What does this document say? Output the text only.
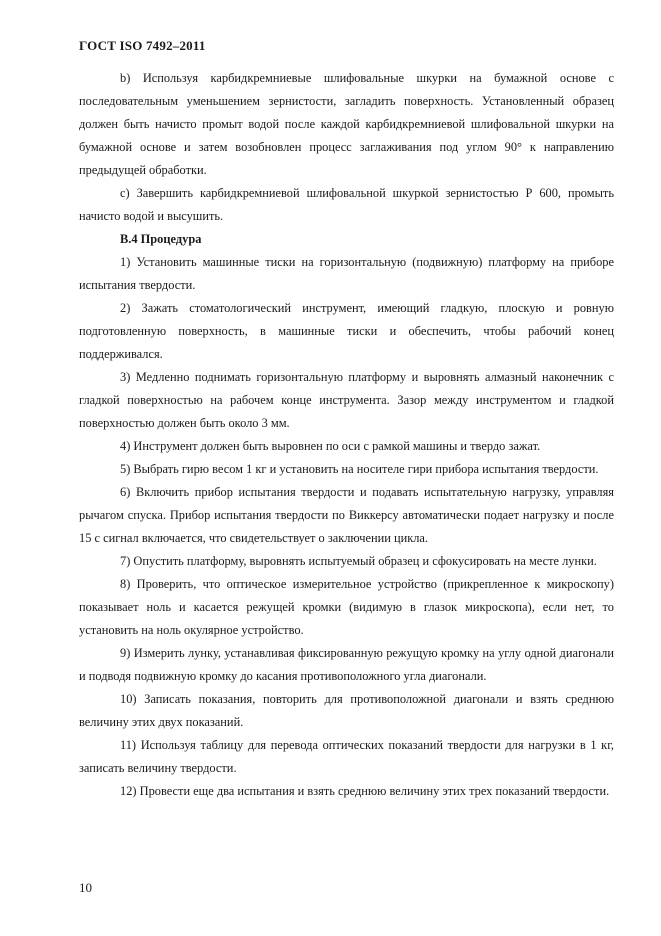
ГОСТ ISO 7492–2011

b) Используя карбидкремниевые шлифовальные шкурки на бумажной основе с последовательным уменьшением зернистости, загладить поверхность. Установленный образец должен быть начисто промыт водой после каждой карбидкремниевой шлифовальной шкурки на бумажной основе и затем возобновлен процесс заглаживания под углом 90° к направлению предыдущей обработки.

c) Завершить карбидкремниевой шлифовальной шкуркой зернистостью Р 600, промыть начисто водой и высушить.

В.4 Процедура

1) Установить машинные тиски на горизонтальную (подвижную) платформу на приборе испытания твердости.

2) Зажать стоматологический инструмент, имеющий гладкую, плоскую и ровную подготовленную поверхность, в машинные тиски и обеспечить, чтобы рабочий конец поддерживался.

3) Медленно поднимать горизонтальную платформу и выровнять алмазный наконечник с гладкой поверхностью на рабочем конце инструмента. Зазор между инструментом и гладкой поверхностью должен быть около 3 мм.

4) Инструмент должен быть выровнен по оси с рамкой машины и твердо зажат.

5) Выбрать гирю весом 1 кг и установить на носителе гири прибора испытания твердости.

6) Включить прибор испытания твердости и подавать испытательную нагрузку, управляя рычагом спуска. Прибор испытания твердости по Виккерсу автоматически подает нагрузку и после 15 с сигнал включается, что свидетельствует о заключении цикла.

7) Опустить платформу, выровнять испытуемый образец и сфокусировать на месте лунки.

8) Проверить, что оптическое измерительное устройство (прикрепленное к микроскопу) показывает ноль и касается режущей кромки (видимую в глазок микроскопа), если нет, то установить на ноль окулярное устройство.

9) Измерить лунку, устанавливая фиксированную режущую кромку на углу одной диагонали и подводя подвижную кромку до касания противоположного угла диагонали.

10) Записать показания, повторить для противоположной диагонали и взять среднюю величину этих двух показаний.

11) Используя таблицу для перевода оптических показаний твердости для нагрузки в 1 кг, записать величину твердости.

12) Провести еще два испытания и взять среднюю величину этих трех показаний твердости.

10
